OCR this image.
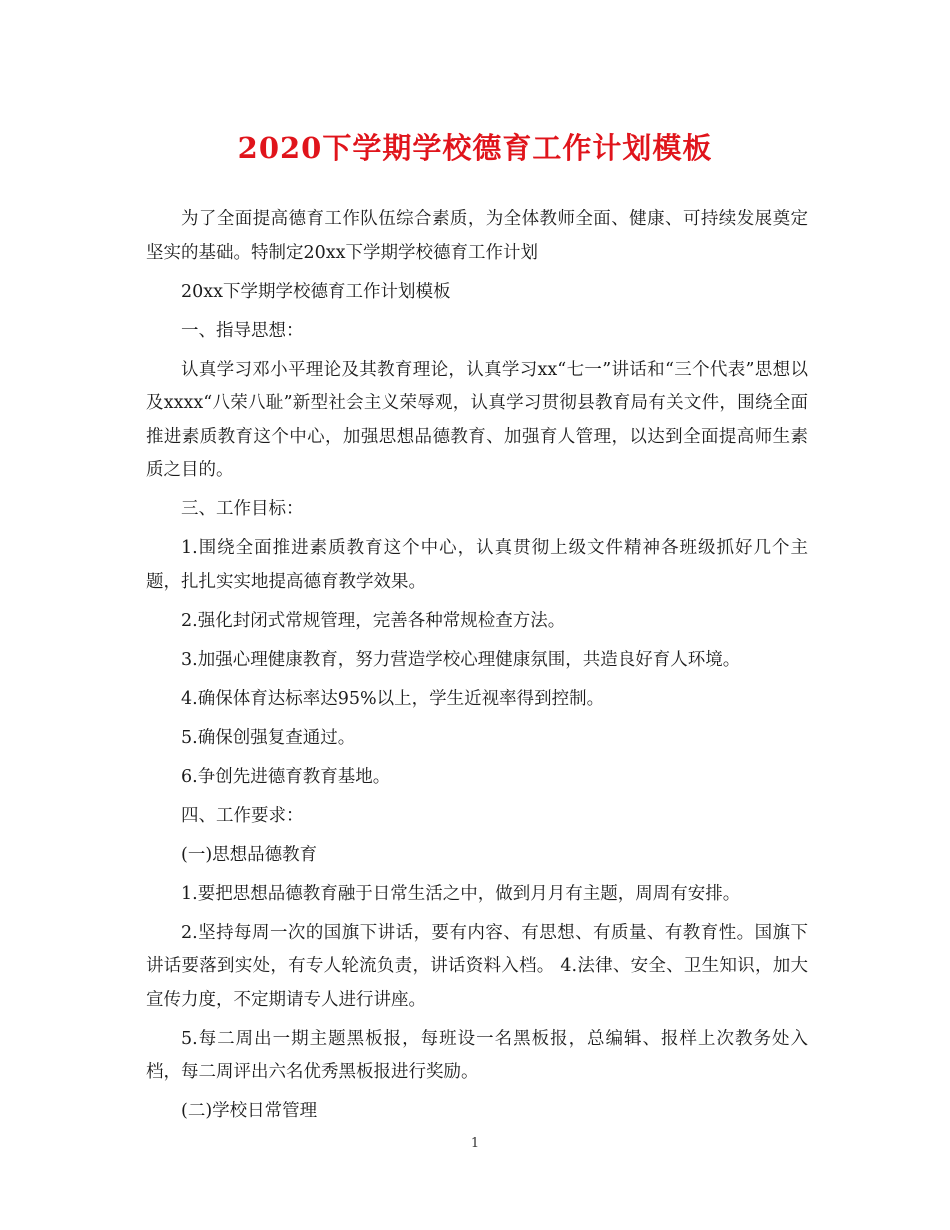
2020下学期学校德育工作计划模板

为了全面提高德育工作队伍综合素质，为全体教师全面、健康、可持续发展奠定坚实的基础。特制定20xx下学期学校德育工作计划

20xx下学期学校德育工作计划模板

一、指导思想：

认真学习邓小平理论及其教育理论，认真学习xx“七一”讲话和“三个代表”思想以及xxxx“八荣八耻”新型社会主义荣辱观，认真学习贯彻县教育局有关文件，围绕全面推进素质教育这个中心，加强思想品德教育、加强育人管理，以达到全面提高师生素质之目的。

三、工作目标：

1.围绕全面推进素质教育这个中心，认真贯彻上级文件精神各班级抓好几个主题，扎扎实实地提高德育教学效果。

2.强化封闭式常规管理，完善各种常规检查方法。

3.加强心理健康教育，努力营造学校心理健康氛围，共造良好育人环境。

4.确保体育达标率达95%以上，学生近视率得到控制。

5.确保创强复查通过。

6.争创先进德育教育基地。

四、工作要求：

(一)思想品德教育

1.要把思想品德教育融于日常生活之中，做到月月有主题，周周有安排。

2.坚持每周一次的国旗下讲话，要有内容、有思想、有质量、有教育性。国旗下讲话要落到实处，有专人轮流负责，讲话资料入档。 4.法律、安全、卫生知识，加大宣传力度，不定期请专人进行讲座。

5.每二周出一期主题黑板报，每班设一名黑板报，总编辑、报样上次教务处入档，每二周评出六名优秀黑板报进行奖励。

(二)学校日常管理

1
